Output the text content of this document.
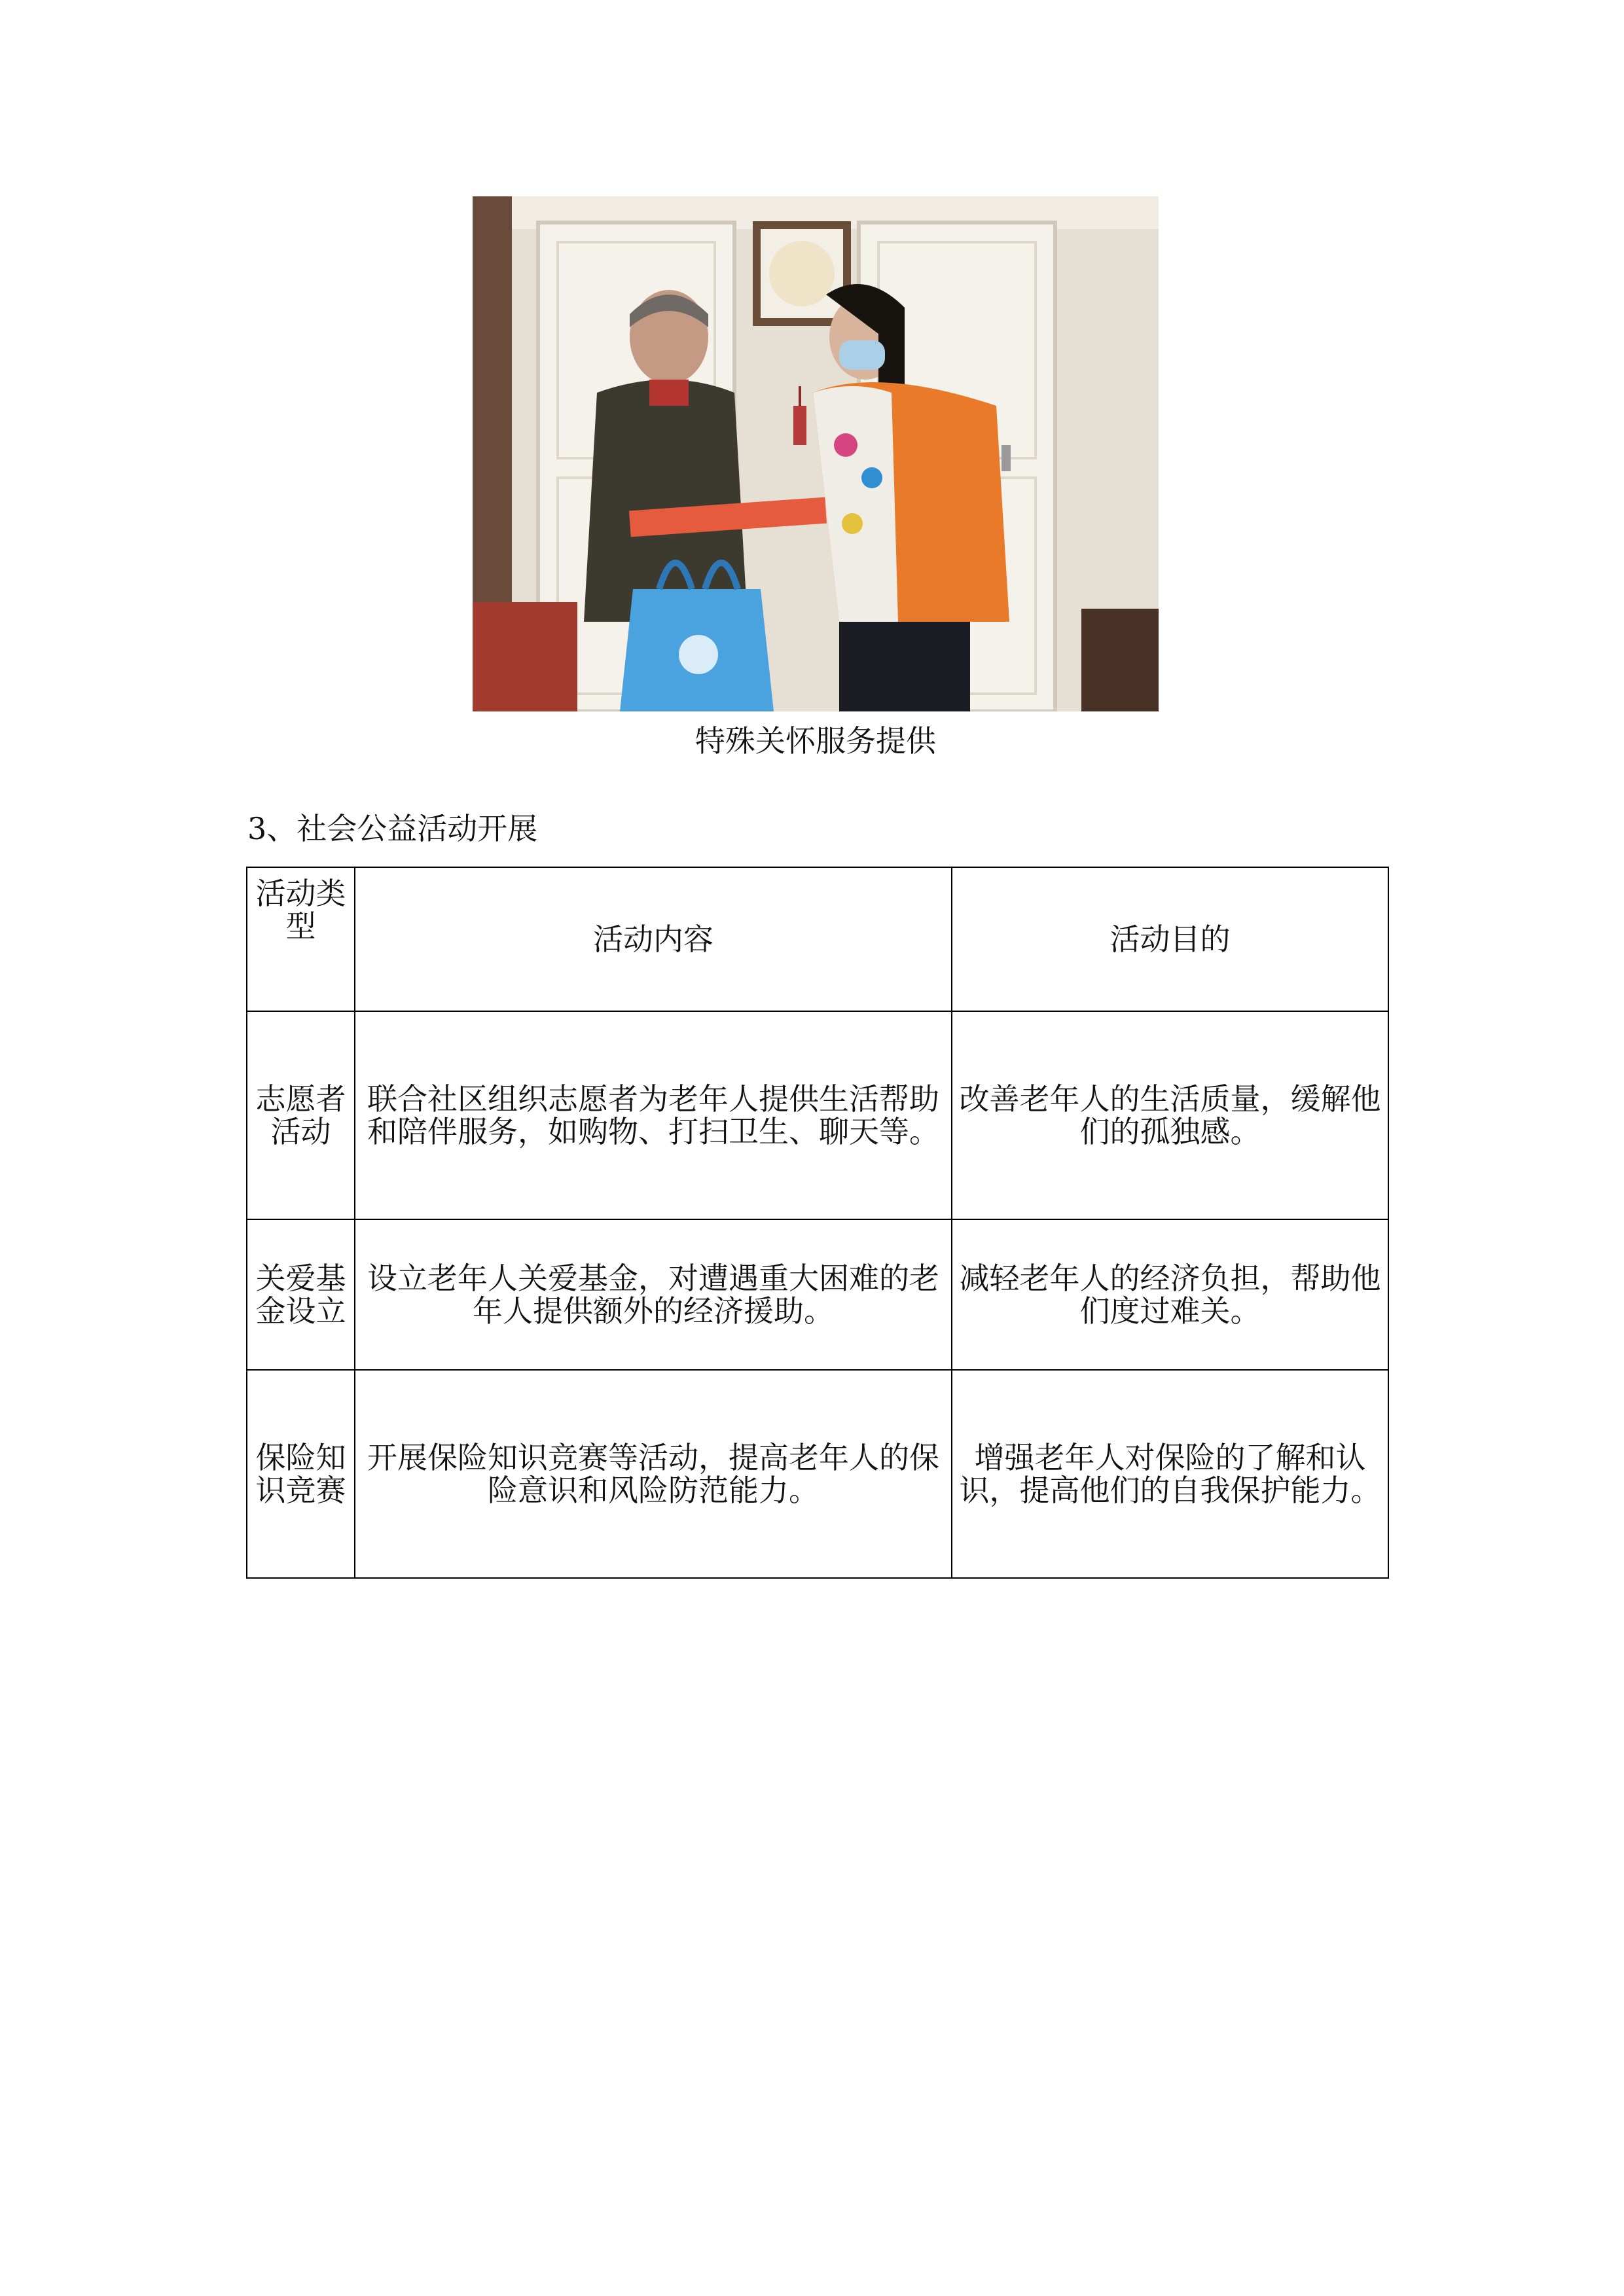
特殊关怀服务提供
3、社会公益活动开展
活动类型	活动内容	活动目的
志愿者活动	联合社区组织志愿者为老年人提供生活帮助和陪伴服务，如购物、打扫卫生、聊天等。	改善老年人的生活质量，缓解他们的孤独感。
关爱基金设立	设立老年人关爱基金，对遭遇重大困难的老年人提供额外的经济援助。	减轻老年人的经济负担，帮助他们度过难关。
保险知识竞赛	开展保险知识竞赛等活动，提高老年人的保险意识和风险防范能力。	增强老年人对保险的了解和认识，提高他们的自我保护能力。
